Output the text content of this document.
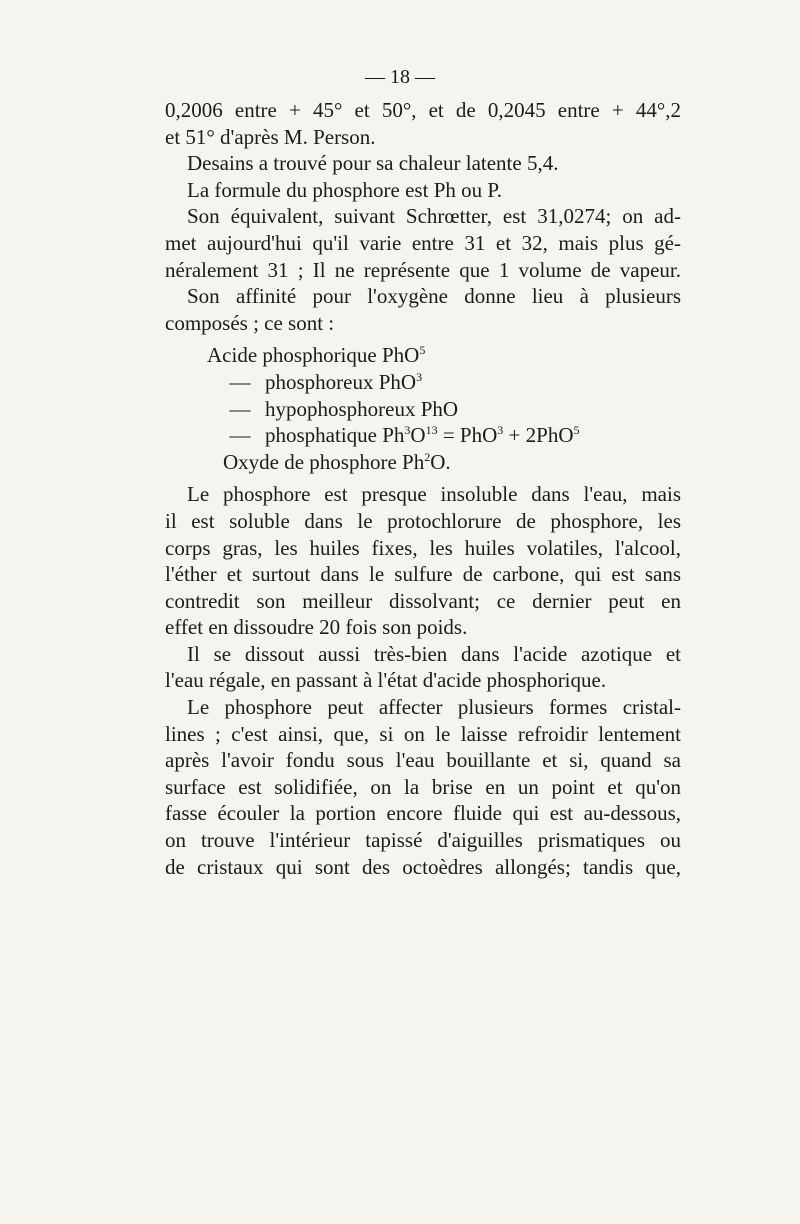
— 18 —
0,2006 entre + 45° et 50°, et de 0,2045 entre + 44°,2
et 51° d'après M. Person.
Desains a trouvé pour sa chaleur latente 5,4.
La formule du phosphore est Ph ou P.
Son équivalent, suivant Schrœtter, est 31,0274; on ad-
met aujourd'hui qu'il varie entre 31 et 32, mais plus gé-
néralement 31 ; Il ne représente que 1 volume de vapeur.
Son affinité pour l'oxygène donne lieu à plusieurs
composés ; ce sont :
Acide phosphorique PhO$^5$
— phosphoreux PhO$^3$
— hypophosphoreux PhO
— phosphatique $Ph^3O^{13} = PhO^3 + 2PhO^5$
Oxyde de phosphore Ph$^2$O.
Le phosphore est presque insoluble dans l'eau, mais
il est soluble dans le protochlorure de phosphore, les
corps gras, les huiles fixes, les huiles volatiles, l'alcool,
l'éther et surtout dans le sulfure de carbone, qui est sans
contredit son meilleur dissolvant; ce dernier peut en
effet en dissoudre 20 fois son poids.
Il se dissout aussi très-bien dans l'acide azotique et
l'eau régale, en passant à l'état d'acide phosphorique.
Le phosphore peut affecter plusieurs formes cristal-
lines ; c'est ainsi, que, si on le laisse refroidir lentement
après l'avoir fondu sous l'eau bouillante et si, quand sa
surface est solidifiée, on la brise en un point et qu'on
fasse écouler la portion encore fluide qui est au-dessous,
on trouve l'intérieur tapissé d'aiguilles prismatiques ou
de cristaux qui sont des octoèdres allongés; tandis que,
